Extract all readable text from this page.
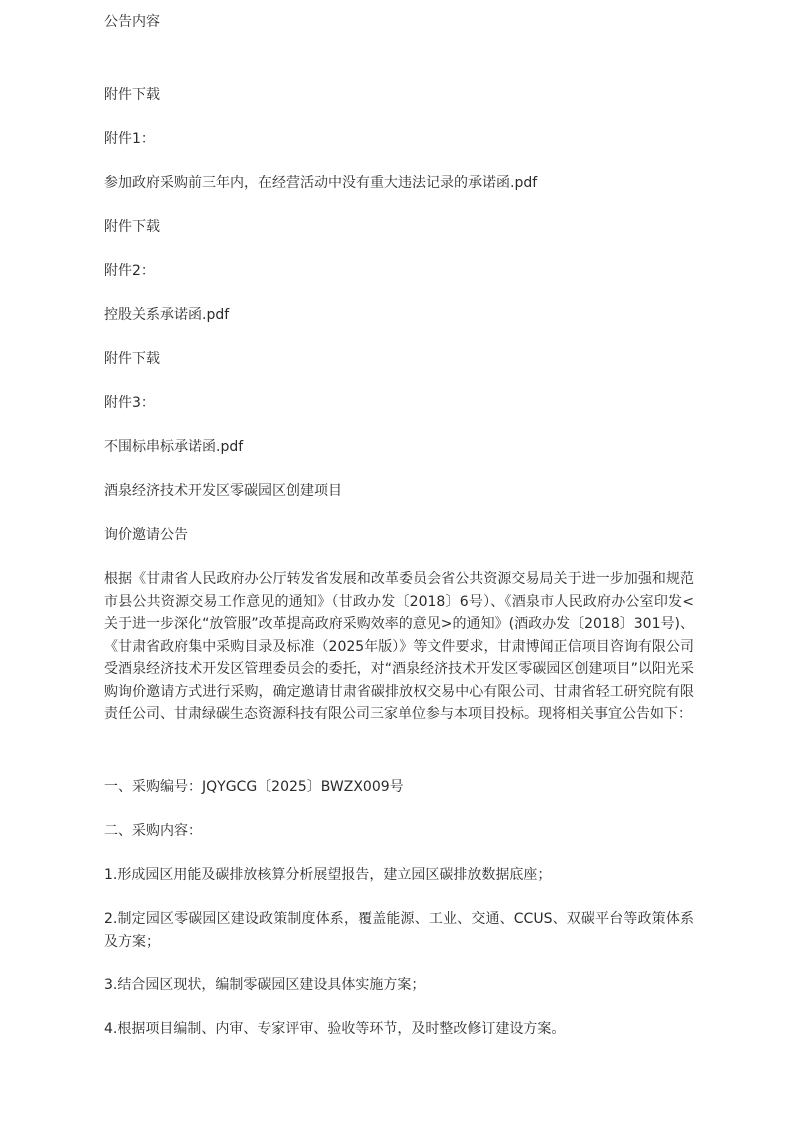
公告内容
附件下载
附件1：
参加政府采购前三年内，在经营活动中没有重大违法记录的承诺函.pdf
附件下载
附件2：
控股关系承诺函.pdf
附件下载
附件3：
不围标串标承诺函.pdf
酒泉经济技术开发区零碳园区创建项目
询价邀请公告
根据《甘肃省人民政府办公厅转发省发展和改革委员会省公共资源交易局关于进一步加强和规范市县公共资源交易工作意见的通知》（甘政办发〔2018〕6号）、《酒泉市人民政府办公室印发<关于进一步深化“放管服”改革提高政府采购效率的意见>的通知》(酒政办发〔2018〕301号)、《甘肃省政府集中采购目录及标准（2025年版）》等文件要求，甘肃博闻正信项目咨询有限公司受酒泉经济技术开发区管理委员会的委托，对“酒泉经济技术开发区零碳园区创建项目”以阳光采购询价邀请方式进行采购，确定邀请甘肃省碳排放权交易中心有限公司、甘肃省轻工研究院有限责任公司、甘肃绿碳生态资源科技有限公司三家单位参与本项目投标。现将相关事宜公告如下：
一、采购编号：JQYGCG〔2025〕BWZX009号
二、采购内容：
1.形成园区用能及碳排放核算分析展望报告，建立园区碳排放数据底座；
2.制定园区零碳园区建设政策制度体系，覆盖能源、工业、交通、CCUS、双碳平台等政策体系及方案；
3.结合园区现状，编制零碳园区建设具体实施方案；
4.根据项目编制、内审、专家评审、验收等环节，及时整改修订建设方案。
